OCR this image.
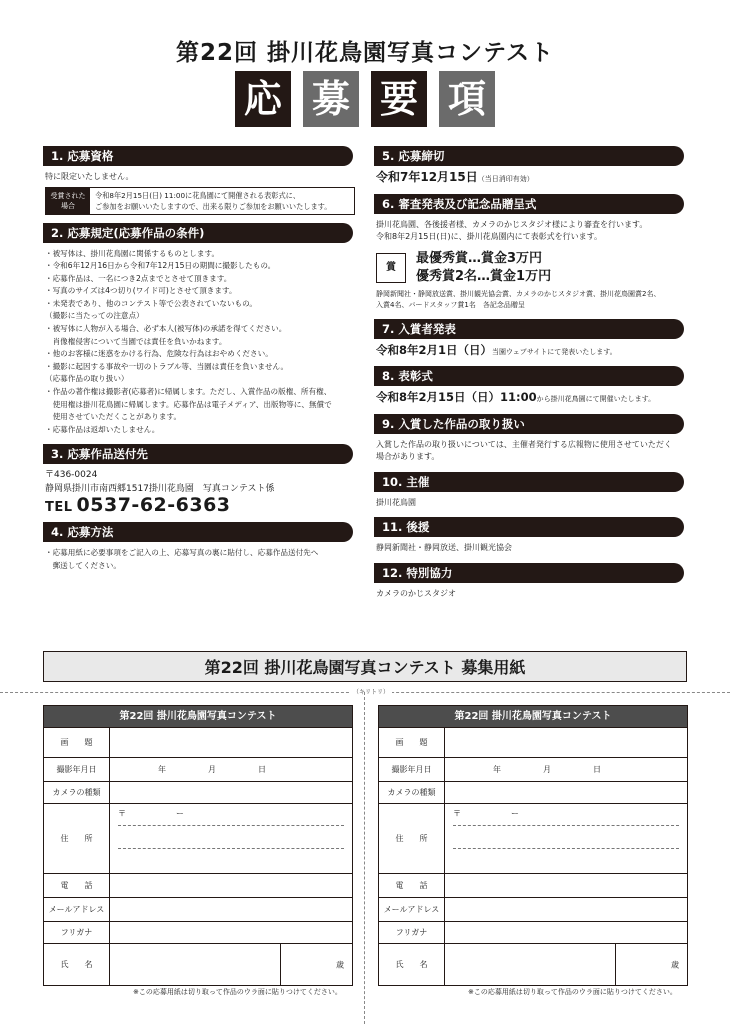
第22回 掛川花鳥園写真コンテスト
応 募 要 項
1. 応募資格
特に限定いたしません。
受賞された
場合
令和8年2月15日(日) 11:00に花鳥園にて開催される表彰式に、
ご参加をお願いいたしますので、出来る限りご参加をお願いいたします。
2. 応募規定(応募作品の条件)
・被写体は、掛川花鳥園に関係するものとします。
・令和6年12月16日から令和7年12月15日の期間に撮影したもの。
・応募作品は、一名につき2点までとさせて頂きます。
・写真のサイズは4つ切り(ワイド可)とさせて頂きます。
・未発表であり、他のコンテスト等で公表されていないもの。
（撮影に当たっての注意点）
・被写体に人物が入る場合、必ず本人(被写体)の承諾を得てください。
　肖像権侵害について当園では責任を負いかねます。
・他のお客様に迷惑をかける行為、危険な行為はおやめください。
・撮影に起因する事故や一切のトラブル等、当園は責任を負いません。
（応募作品の取り扱い）
・作品の著作権は撮影者(応募者)に帰属します。ただし、入賞作品の版権、所有権、
　使用権は掛川花鳥園に帰属します。応募作品は電子メディア、出版物等に、無償で
　使用させていただくことがあります。
・応募作品は返却いたしません。
3. 応募作品送付先
〒436-0024
静岡県掛川市南西郷1517掛川花鳥園　写真コンテスト係
TEL 0537-62-6363
4. 応募方法
・応募用紙に必要事項をご記入の上、応募写真の裏に貼付し、応募作品送付先へ
　郵送してください。
5. 応募締切
令和7年12月15日（当日消印有効）
6. 審査発表及び記念品贈呈式
掛川花鳥園、各後援者様、カメラのかじスタジオ様により審査を行います。
令和8年2月15日(日)に、掛川花鳥園内にて表彰式を行います。
賞
最優秀賞…賞金3万円
優秀賞2名…賞金1万円
静岡新聞社・静岡放送賞、掛川観光協会賞、カメラのかじスタジオ賞、掛川花鳥園賞2名、
入賞4名、バードスタッフ賞1名　各記念品贈呈
7. 入賞者発表
令和8年2月1日（日）当園ウェブサイトにて発表いたします。
8. 表彰式
令和8年2月15日（日）11:00から掛川花鳥園にて開催いたします。
9. 入賞した作品の取り扱い
入賞した作品の取り扱いについては、主催者発行する広報物に使用させていただく
場合があります。
10. 主催
掛川花鳥園
11. 後援
静岡新聞社・静岡放送、掛川観光協会
12. 特別協力
カメラのかじスタジオ
第22回 掛川花鳥園写真コンテスト 募集用紙
（キリトリ）
第22回 掛川花鳥園写真コンテスト
画　　題
撮影年月日	年	月	日
カメラの種類
住　　所
〒	ー
電　　話
メールアドレス
フリガナ
氏　　名	歳
第22回 掛川花鳥園写真コンテスト
画　　題
撮影年月日	年	月	日
カメラの種類
住　　所
〒	ー
電　　話
メールアドレス
フリガナ
氏　　名	歳
※この応募用紙は切り取って作品のウラ面に貼りつけてください。	※この応募用紙は切り取って作品のウラ面に貼りつけてください。
